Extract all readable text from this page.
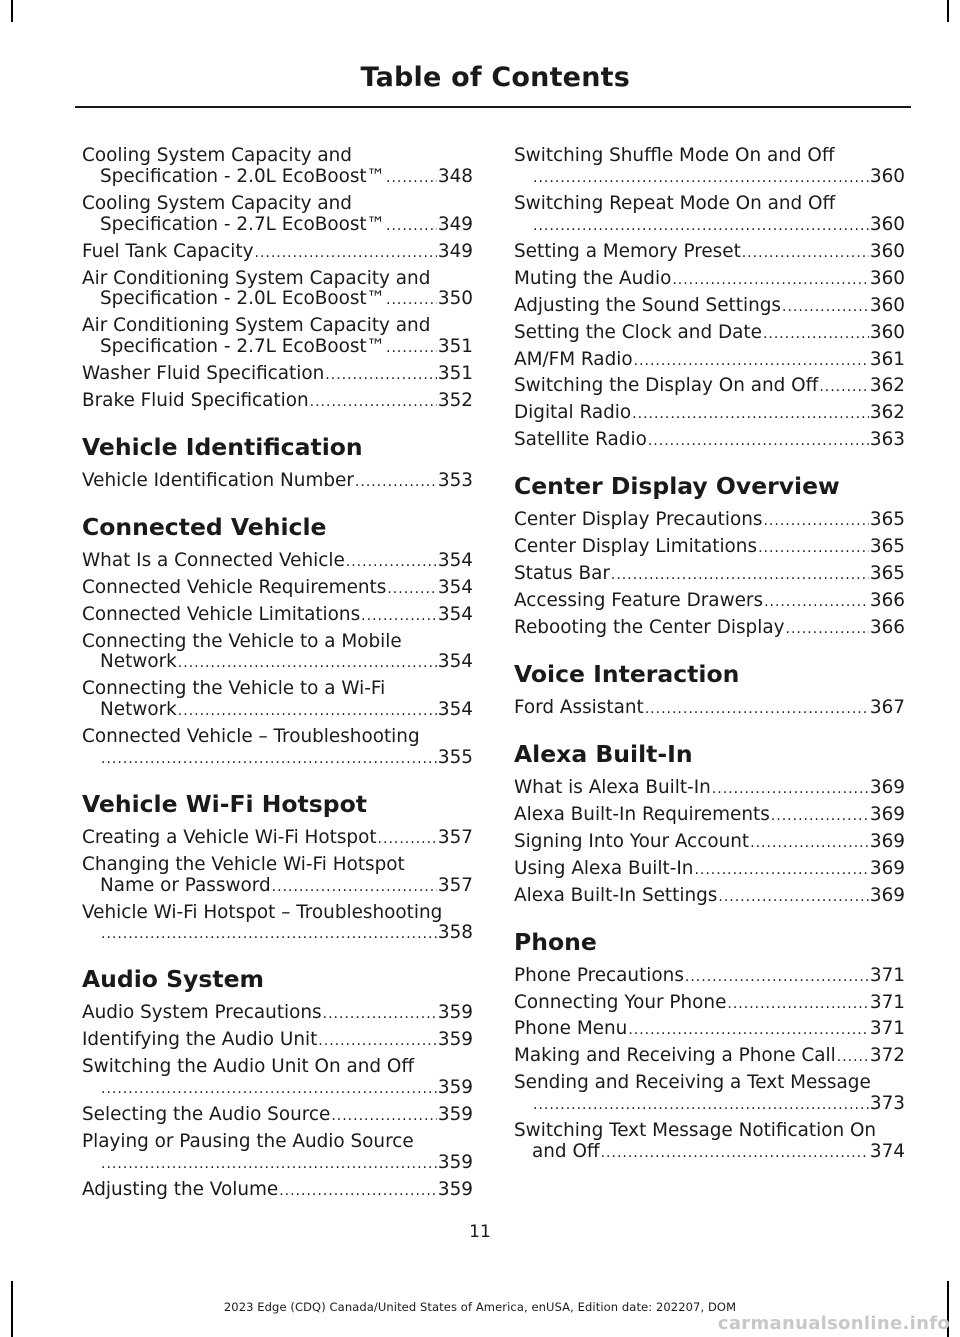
Table of Contents
Cooling System Capacity and
Specification - 2.0L EcoBoost™ .....	348
Cooling System Capacity and
Specification - 2.7L EcoBoost™ .....	349
Fuel Tank Capacity .....	349
Air Conditioning System Capacity and
Specification - 2.0L EcoBoost™ .....	350
Air Conditioning System Capacity and
Specification - 2.7L EcoBoost™ .....	351
Washer Fluid Specification .....	351
Brake Fluid Specification .....	352
Vehicle Identification
Vehicle Identification Number .....	353
Connected Vehicle
What Is a Connected Vehicle .....	354
Connected Vehicle Requirements .....	354
Connected Vehicle Limitations .....	354
Connecting the Vehicle to a Mobile
Network .....	354
Connecting the Vehicle to a Wi-Fi
Network .....	354
Connected Vehicle – Troubleshooting
.....
355
Vehicle Wi-Fi Hotspot
Creating a Vehicle Wi-Fi Hotspot .....	357
Changing the Vehicle Wi-Fi Hotspot
Name or Password .....	357
Vehicle Wi-Fi Hotspot – Troubleshooting
.....
358
Audio System
Audio System Precautions .....	359
Identifying the Audio Unit .....	359
Switching the Audio Unit On and Off
.....
359
Selecting the Audio Source .....	359
Playing or Pausing the Audio Source
.....
359
Adjusting the Volume .....	359
Switching Shuffle Mode On and Off
.....
360
Switching Repeat Mode On and Off
.....
360
Setting a Memory Preset .....	360
Muting the Audio .....	360
Adjusting the Sound Settings .....	360
Setting the Clock and Date .....	360
AM/FM Radio .....	361
Switching the Display On and Off .....	362
Digital Radio .....	362
Satellite Radio .....	363
Center Display Overview
Center Display Precautions .....	365
Center Display Limitations .....	365
Status Bar .....	365
Accessing Feature Drawers .....	366
Rebooting the Center Display .....	366
Voice Interaction
Ford Assistant .....	367
Alexa Built-In
What is Alexa Built-In .....	369
Alexa Built-In Requirements .....	369
Signing Into Your Account .....	369
Using Alexa Built-In .....	369
Alexa Built-In Settings .....	369
Phone
Phone Precautions .....	371
Connecting Your Phone .....	371
Phone Menu .....	371
Making and Receiving a Phone Call ..... 372
Sending and Receiving a Text Message
.....
373
Switching Text Message Notification On
and Off .....	374
11
2023 Edge (CDQ) Canada/United States of America, enUSA, Edition date: 202207, DOM
carmanualsonline.info
